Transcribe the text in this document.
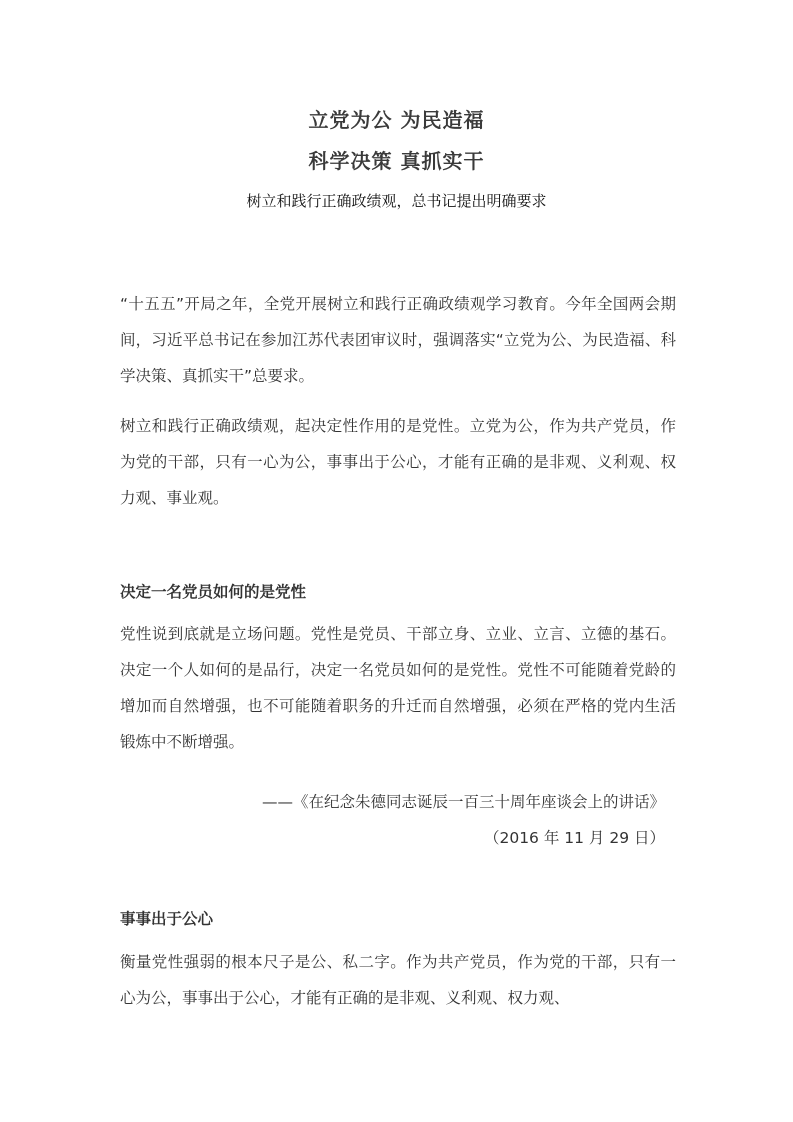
立党为公 为民造福
科学决策 真抓实干
树立和践行正确政绩观，总书记提出明确要求

“十五五”开局之年，全党开展树立和践行正确政绩观学习教育。今年全国两会期间，习近平总书记在参加江苏代表团审议时，强调落实“立党为公、为民造福、科学决策、真抓实干”总要求。

树立和践行正确政绩观，起决定性作用的是党性。立党为公，作为共产党员，作为党的干部，只有一心为公，事事出于公心，才能有正确的是非观、义利观、权力观、事业观。

决定一名党员如何的是党性

党性说到底就是立场问题。党性是党员、干部立身、立业、立言、立德的基石。决定一个人如何的是品行，决定一名党员如何的是党性。党性不可能随着党龄的增加而自然增强，也不可能随着职务的升迁而自然增强，必须在严格的党内生活锻炼中不断增强。

——《在纪念朱德同志诞辰一百三十周年座谈会上的讲话》
（2016 年 11 月 29 日）
事事出于公心

衡量党性强弱的根本尺子是公、私二字。作为共产党员，作为党的干部，只有一心为公，事事出于公心，才能有正确的是非观、义利观、权力观、
